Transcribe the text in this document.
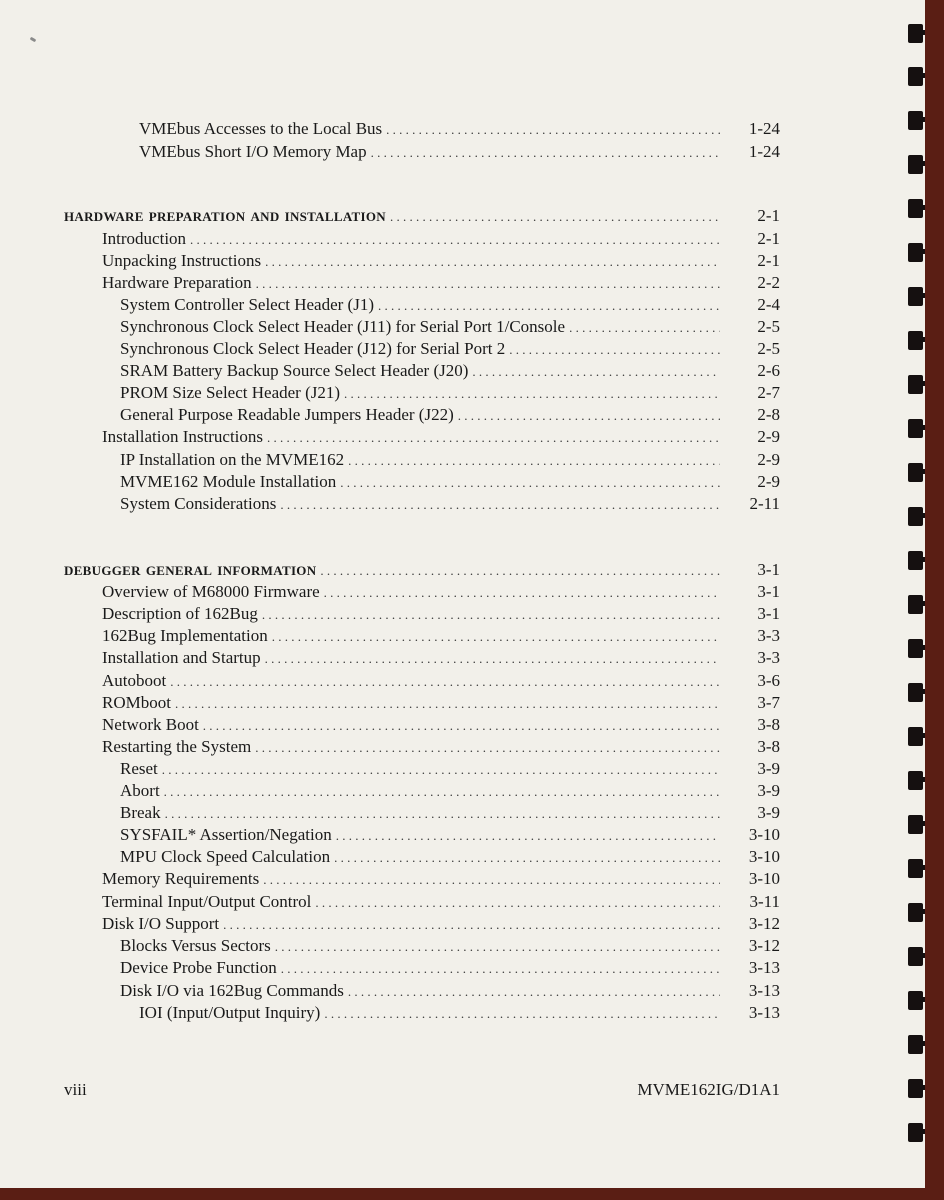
VMEbus Accesses to the Local Bus . . .	1-24
VMEbus Short I/O Memory Map . . .	1-24
hardware preparation and installation . . .	2-1
Introduction . . .	2-1
Unpacking Instructions . . .	2-1
Hardware Preparation . . .	2-2
System Controller Select Header (J1) . . .	2-4
Synchronous Clock Select Header (J11) for Serial Port 1/Console . . .	2-5
Synchronous Clock Select Header (J12) for Serial Port 2 . . .	2-5
SRAM Battery Backup Source Select Header (J20) . . .	2-6
PROM Size Select Header (J21) . . .	2-7
General Purpose Readable Jumpers Header (J22) . . .	2-8
Installation Instructions . . .	2-9
IP Installation on the MVME162 . . .	2-9
MVME162 Module Installation . . .	2-9
System Considerations . . .	2-11
debugger general information . . .	3-1
Overview of M68000 Firmware . . .	3-1
Description of 162Bug . . .	3-1
162Bug Implementation . . .	3-3
Installation and Startup . . .	3-3
Autoboot . . .	3-6
ROMboot . . .	3-7
Network Boot . . .	3-8
Restarting the System . . .	3-8
Reset . . .	3-9
Abort . . .	3-9
Break . . .	3-9
SYSFAIL* Assertion/Negation . . .	3-10
MPU Clock Speed Calculation . . .	3-10
Memory Requirements . . .	3-10
Terminal Input/Output Control . . .	3-11
Disk I/O Support . . .	3-12
Blocks Versus Sectors . . .	3-12
Device Probe Function . . .	3-13
Disk I/O via 162Bug Commands . . .	3-13
IOI (Input/Output Inquiry) . . .	3-13
viii	MVME162IG/D1A1
